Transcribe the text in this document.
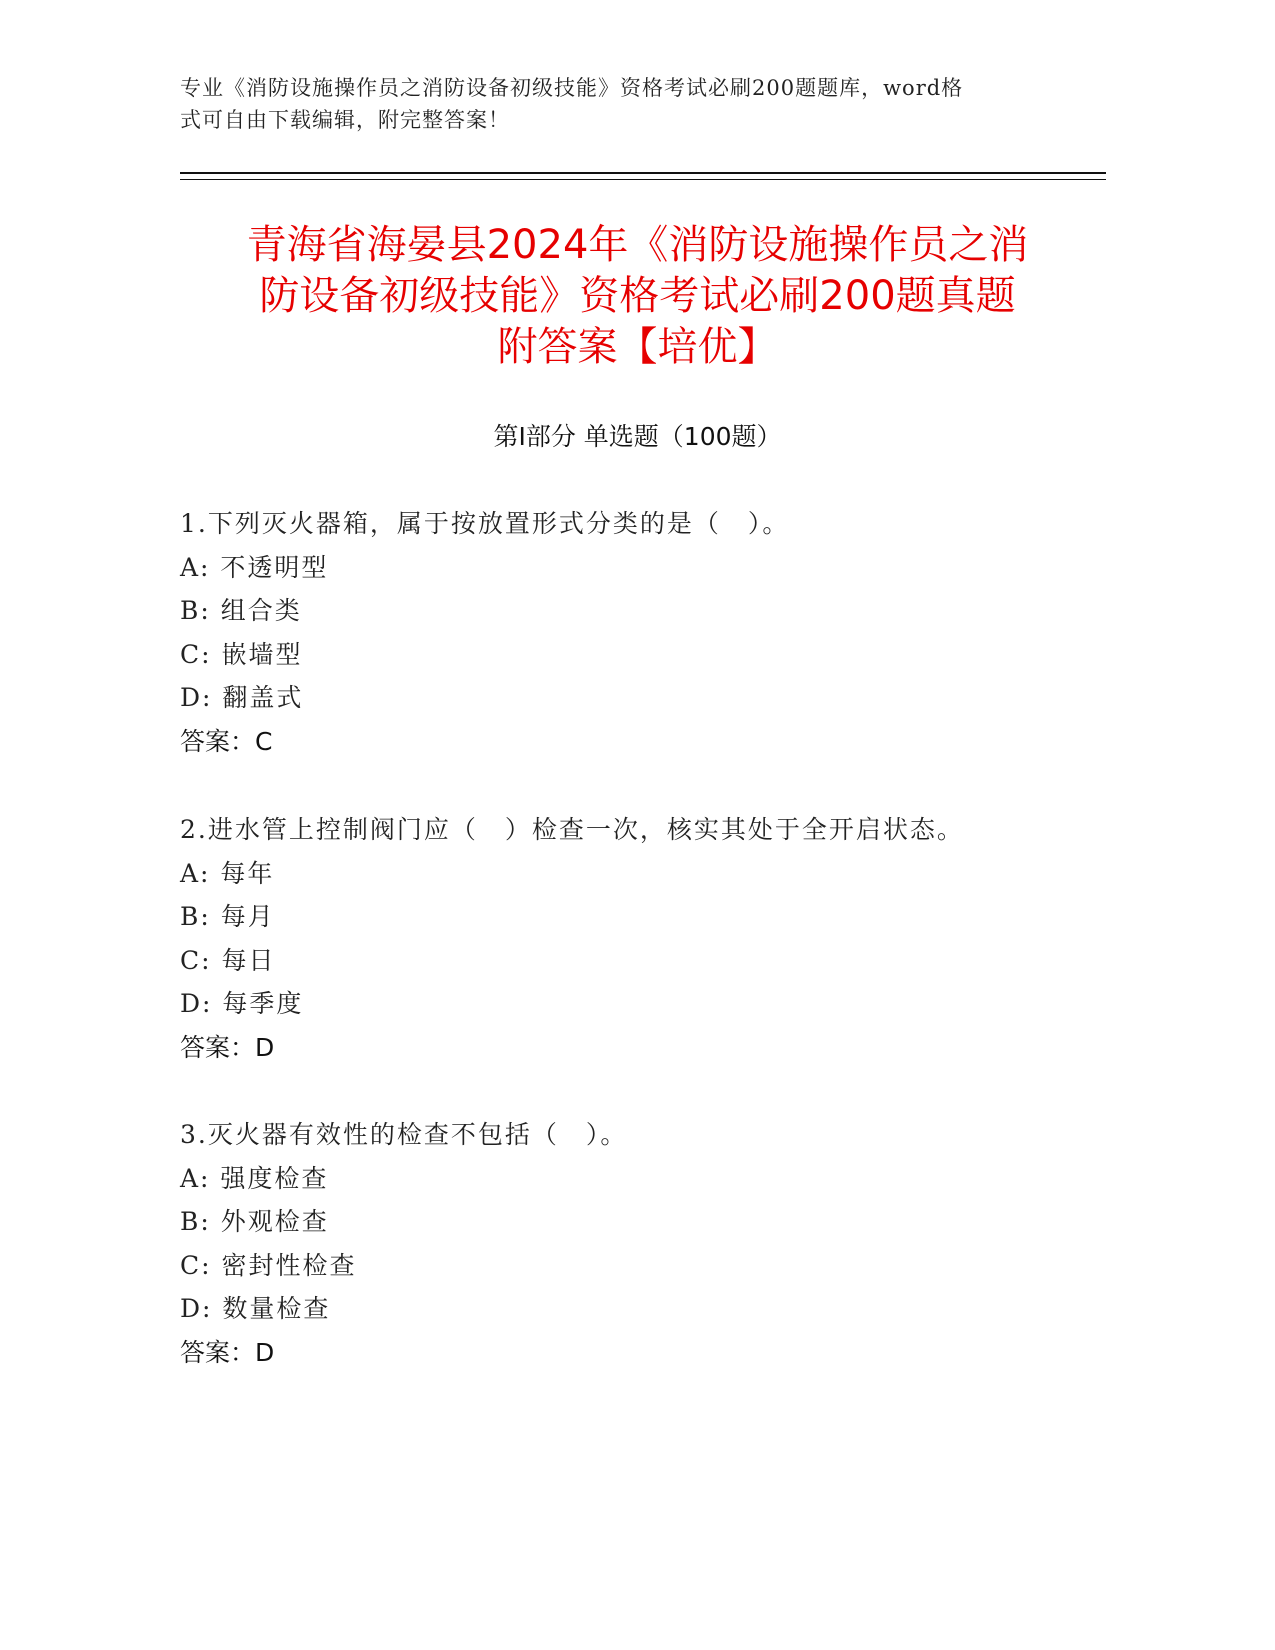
专业《消防设施操作员之消防设备初级技能》资格考试必刷200题题库，word格
式可自由下载编辑，附完整答案！
青海省海晏县2024年《消防设施操作员之消
防设备初级技能》资格考试必刷200题真题
附答案【培优】
第Ⅰ部分 单选题（100题）
1.下列灭火器箱，属于按放置形式分类的是（　）。
A: 不透明型
B: 组合类
C: 嵌墙型
D: 翻盖式
答案：C
2.进水管上控制阀门应（　）检查一次，核实其处于全开启状态。
A: 每年
B: 每月
C: 每日
D: 每季度
答案：D
3.灭火器有效性的检查不包括（　）。
A: 强度检查
B: 外观检查
C: 密封性检查
D: 数量检查
答案：D
